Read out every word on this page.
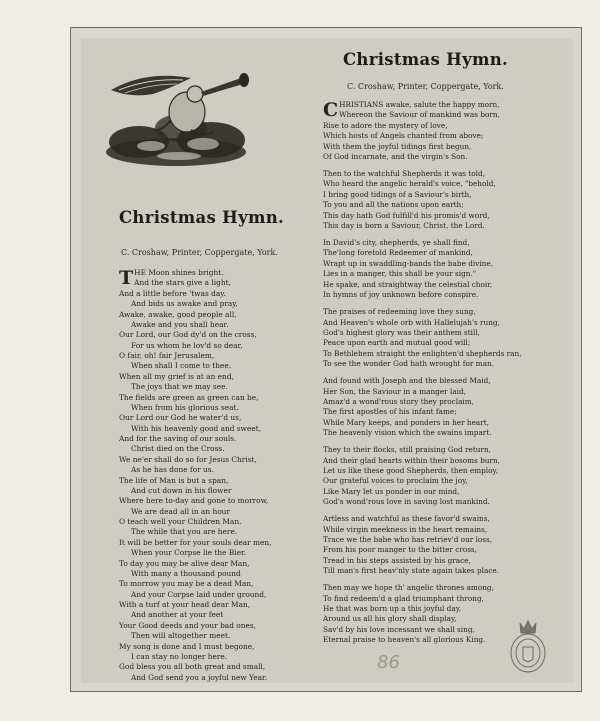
Christmas Hymn.
C. Croshaw, Printer, Coppergate, York.
THE Moon shines bright.
And the stars give a light,
And a little before 'twas day.
And bids us awake and pray,
Awake, awake, good people all,
Awake and you shall hear.
Our Lord, our God dy'd on the cross,
For us whom he lov'd so dear,
O fair, oh! fair Jerusalem,
When shall I come to thee.
When all my grief is at an end,
The joys that we may see.
The fields are green as green can be,
When from his glorious seat.
Our Lord our God he water'd us,
With his heavenly good and sweet,
And for the saving of our souls.
Christ died on the Cross.
We ne'er shall do so for Jesus Christ,
As he has done for us.
The life of Man is but a span,
And cut down in his flower
Where here to-day and gone to morrow,
We are dead all in an hour
O teach well your Children Man.
The while that you are here.
It will be better for your souls dear men,
When your Corpse lie the Bier.
To day you may be alive dear Man,
With many a thousand pound
To morrow you may be a dead Man,
And your Corpse laid under ground,
With a turf at your head dear Man,
And another at your feet
Your Good deeds and your bad ones,
Then will altogether meet.
My song is done and I must begone,
I can stay no longer here.
God bless you all both great and small,
And God send you a joyful new Year.
Christmas Hymn.
C. Croshaw, Printer, Coppergate, York.
CHRISTIANS awake, salute the happy morn,
Whereon the Saviour of mankind was born,
Rise to adore the mystery of love,
Which hosts of Angels chanted from above;
With them the joyful tidings first begun,
Of God incarnate, and the virgin's Son.
Then to the watchful Shepherds it was told,
Who heard the angelic herald's voice, "behold,
I bring good tidings of a Saviour's birth,
To you and all the nations upon earth;
This day hath God fulfill'd his promis'd word,
This day is born a Saviour, Christ, the Lord.
In David's city, shepherds, ye shall find,
The'long foretold Redeemer of mankind,
Wrapt up in swaddling-bands the babe divine,
Lies in a manger, this shall be your sign."
He spake, and straightway the celestial choir,
In hymns of joy unknown before conspire.
The praises of redeeming love they sung,
And Heaven's whole orb with Hallelujah's rung,
God's highest glory was their anthem still,
Peace upon earth and mutual good will;
To Bethlehem straight the enlighten'd shepherds ran,
To see the wonder God hath wrought for man.
And found with Joseph and the blessed Maid,
Her Son, the Saviour in a manger laid,
Amaz'd a wond'rous story they proclaim,
The first apostles of his infant fame;
While Mary keeps, and ponders in her heart,
The heavenly vision which the swains impart.
They to their flocks, still praising God return,
And their glad hearts within their bosoms burn,
Let us like these good Shepherds, then employ,
Our grateful voices to proclaim the joy,
Like Mary let us ponder in our mind,
God's wond'rous love in saving lost mankind.
Artless and watchful as these favor'd swains,
While virgin meekness in the heart remains,
Trace we the babe who has retriev'd our loss,
From his poor manger to the bitter cross,
Tread in his steps assisted by his grace,
Till man's first heav'nly state again takes place.
Then may we hope th' angelic thrones among,
To find redeem'd a glad triumphant throng,
He that was born up a this joyful day,
Around us all his glory shall display,
Sav'd by his love incessant we shall sing,
Eternal praise to heaven's all glorious King.
86
